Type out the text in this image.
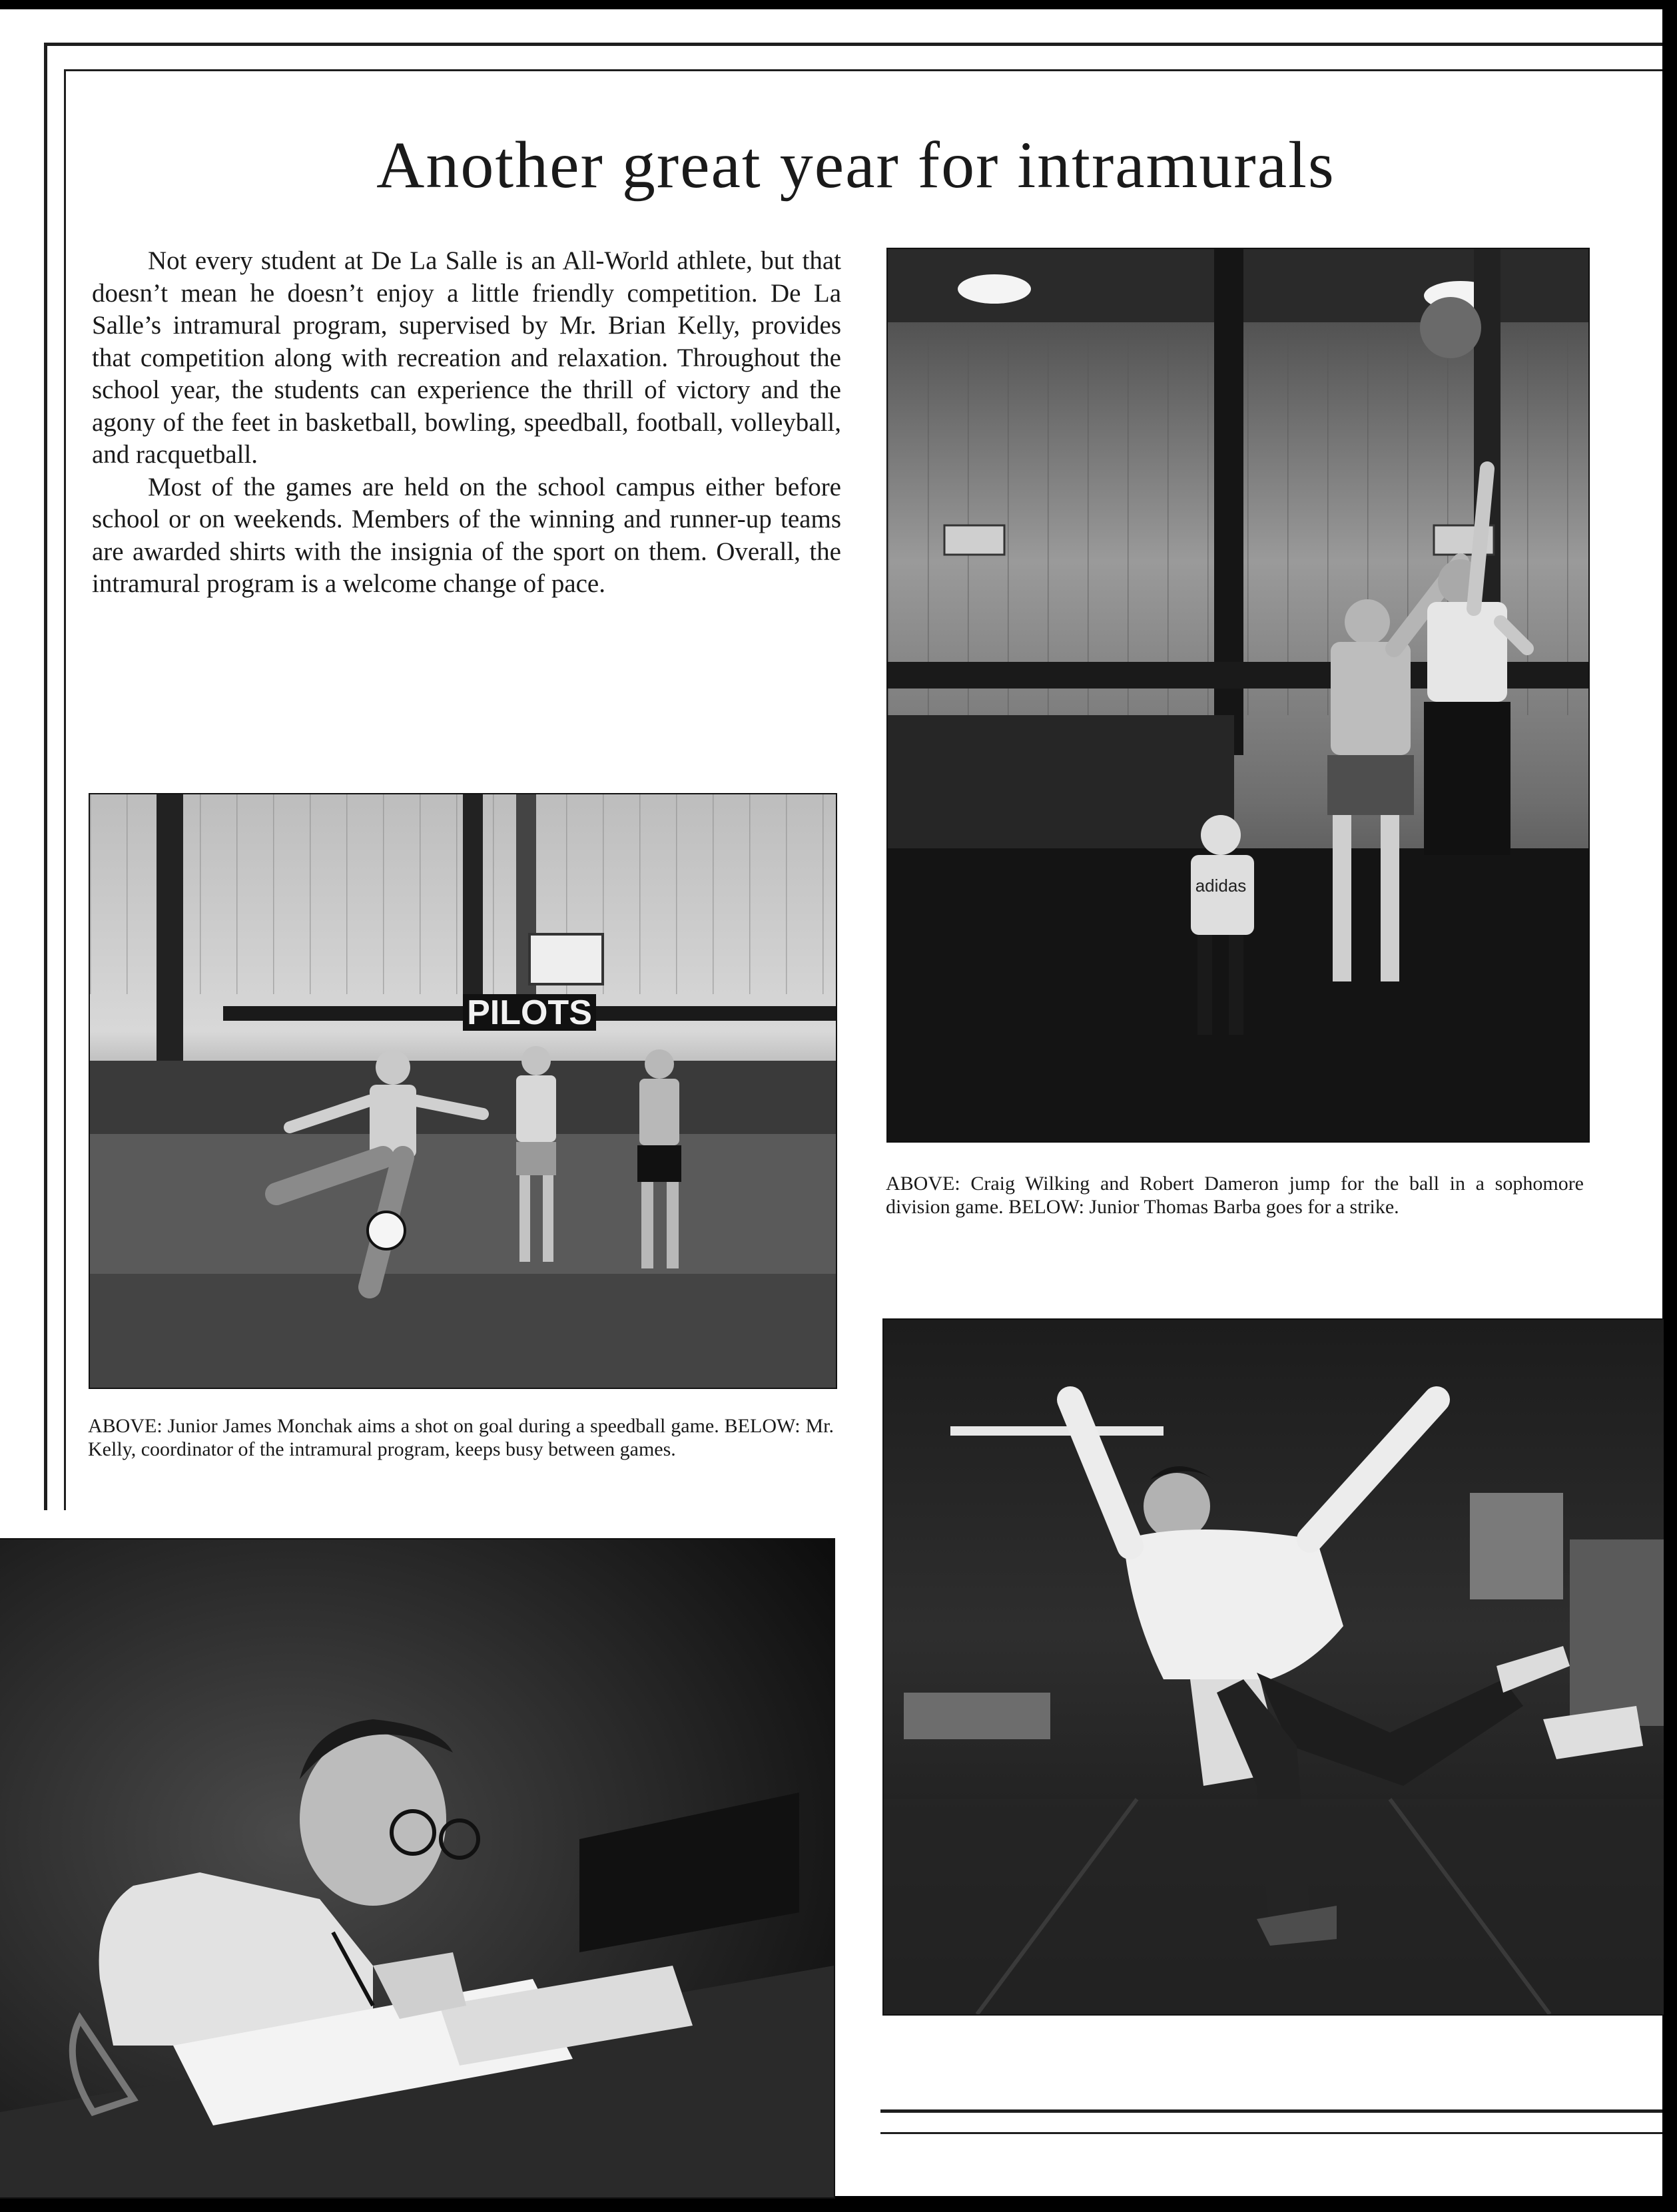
Another great year for intramurals

Not every student at De La Salle is an All-World athlete, but that doesn’t mean he doesn’t enjoy a little friendly competition. De La Salle’s intramural program, supervised by Mr. Brian Kelly, provides that competition along with recreation and relaxation. Throughout the school year, the students can experience the thrill of victory and the agony of the feet in basketball, bowling, speedball, football, volleyball, and racquetball.

Most of the games are held on the school campus either before school or on weekends. Members of the winning and runner-up teams are awarded shirts with the insignia of the sport on them. Overall, the intramural program is a welcome change of pace.

adidas
ABOVE: Craig Wilking and Robert Dameron jump for the ball in a sophomore division game. BELOW: Junior Thomas Barba goes for a strike.
PILOTS
ABOVE: Junior James Monchak aims a shot on goal during a speedball game. BELOW: Mr. Kelly, coordinator of the intramural program, keeps busy between games.
